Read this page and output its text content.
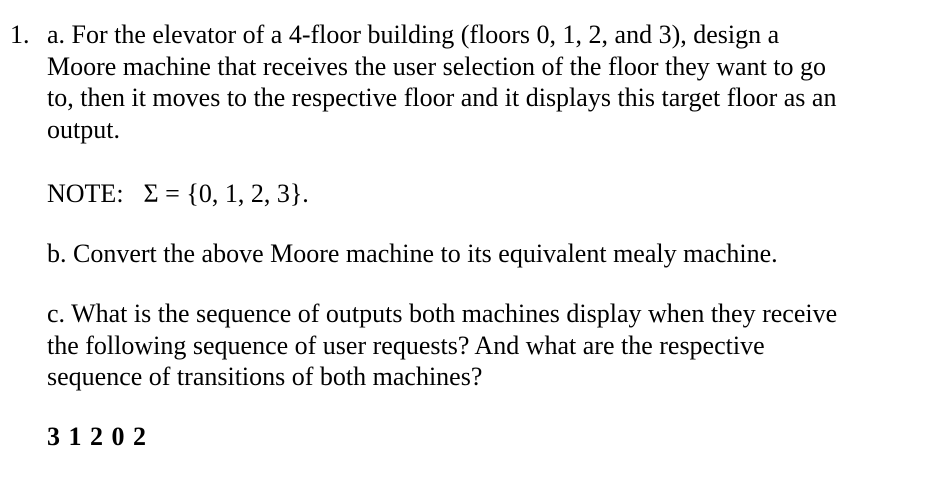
1. a. For the elevator of a 4-floor building (floors 0, 1, 2, and 3), design a
Moore machine that receives the user selection of the floor they want to go
to, then it moves to the respective floor and it displays this target floor as an
output.

NOTE: Σ = {0, 1, 2, 3}.

b. Convert the above Moore machine to its equivalent mealy machine.

c. What is the sequence of outputs both machines display when they receive
the following sequence of user requests? And what are the respective
sequence of transitions of both machines?

3 1 2 0 2
